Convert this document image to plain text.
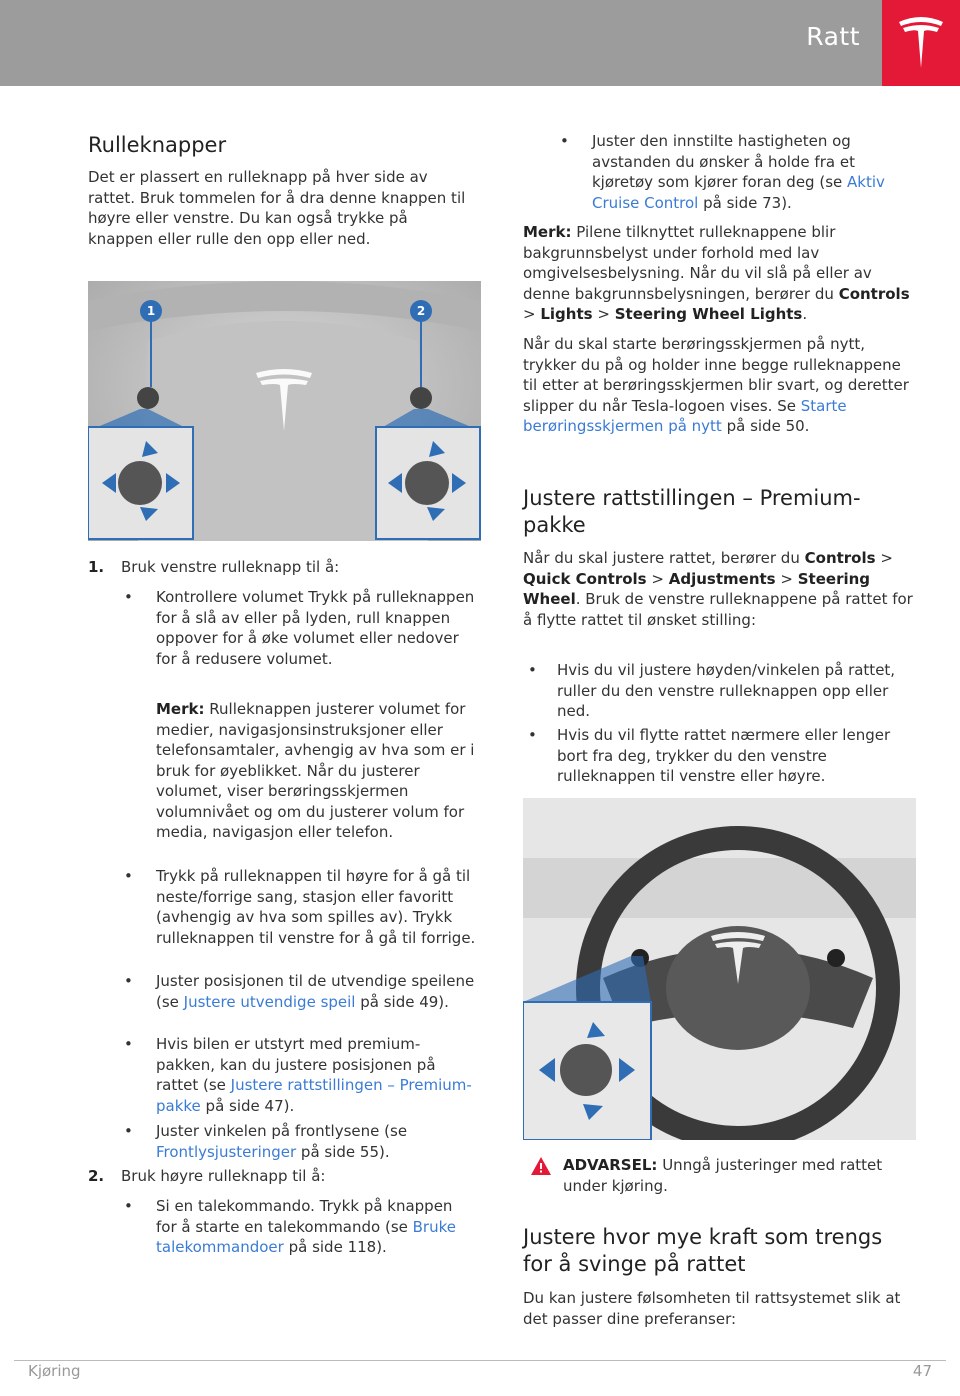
Ratt
Rulleknapper

Det er plassert en rulleknapp på hver side av rattet. Bruk tommelen for å dra denne knappen til høyre eller venstre. Du kan også trykke på knappen eller rulle den opp eller ned.

1	2
1. Bruk venstre rulleknapp til å:

• Kontrollere volumet Trykk på rulleknappen for å slå av eller på lyden, rull knappen oppover for å øke volumet eller nedover for å redusere volumet.

Merk: Rulleknappen justerer volumet for medier, navigasjonsinstruksjoner eller telefonsamtaler, avhengig av hva som er i bruk for øyeblikket. Når du justerer volumet, viser berøringsskjermen volumnivået og om du justerer volum for media, navigasjon eller telefon.

• Trykk på rulleknappen til høyre for å gå til neste/forrige sang, stasjon eller favoritt (avhengig av hva som spilles av). Trykk rulleknappen til venstre for å gå til forrige.

• Juster posisjonen til de utvendige speilene (se Justere utvendige speil på side 49).

• Hvis bilen er utstyrt med premium-pakken, kan du justere posisjonen på rattet (se Justere rattstillingen – Premium-pakke på side 47).

• Juster vinkelen på frontlysene (se Frontlysjusteringer på side 55).

2. Bruk høyre rulleknapp til å:

• Si en talekommando. Trykk på knappen for å starte en talekommando (se Bruke talekommandoer på side 118).

• Juster den innstilte hastigheten og avstanden du ønsker å holde fra et kjøretøy som kjører foran deg (se Aktiv Cruise Control på side 73).

Merk: Pilene tilknyttet rulleknappene blir bakgrunnsbelyst under forhold med lav omgivelsesbelysning. Når du vil slå på eller av denne bakgrunnsbelysningen, berører du Controls > Lights > Steering Wheel Lights.

Når du skal starte berøringsskjermen på nytt, trykker du på og holder inne begge rulleknappene til etter at berøringsskjermen blir svart, og deretter slipper du når Tesla-logoen vises. Se Starte berøringsskjermen på nytt på side 50.

Justere rattstillingen – Premium-pakke

Når du skal justere rattet, berører du Controls > Quick Controls > Adjustments > Steering Wheel. Bruk de venstre rulleknappene på rattet for å flytte rattet til ønsket stilling:

• Hvis du vil justere høyden/vinkelen på rattet, ruller du den venstre rulleknappen opp eller ned.

• Hvis du vil flytte rattet nærmere eller lenger bort fra deg, trykker du den venstre rulleknappen til venstre eller høyre.

ADVARSEL: Unngå justeringer med rattet under kjøring.

Justere hvor mye kraft som trengs for å svinge på rattet

Du kan justere følsomheten til rattsystemet slik at det passer dine preferanser:

Kjøring	47
